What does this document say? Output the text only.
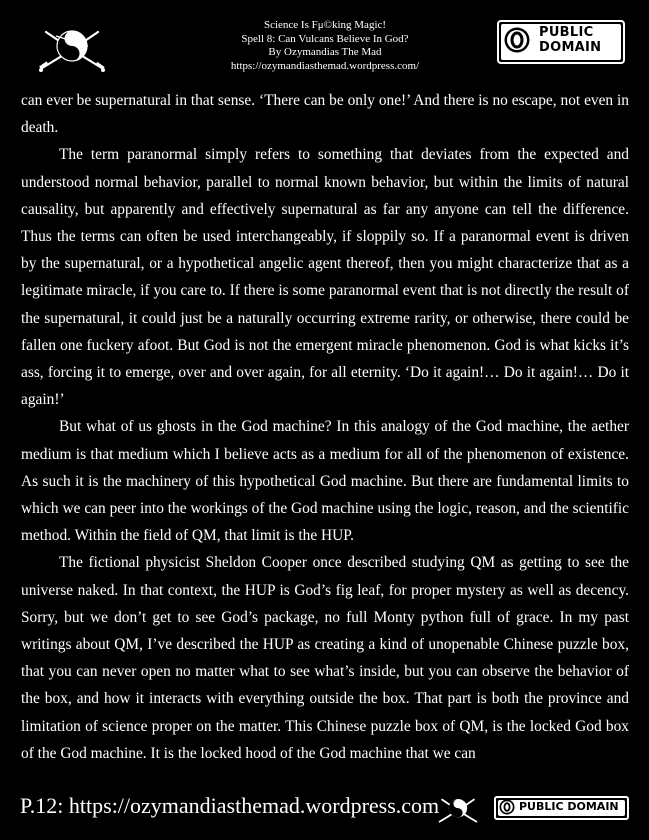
Science Is Fμ©king Magic!
Spell 8: Can Vulcans Believe In God?
By Ozymandias The Mad
https://ozymandiasthemad.wordpress.com/
PUBLIC
DOMAIN

can ever be supernatural in that sense. ‘There can be only one!’ And there is no escape, not even in death.

The term paranormal simply refers to something that deviates from the expected and understood normal behavior, parallel to normal known behavior, but within the limits of natural causality, but apparently and effectively supernatural as far any anyone can tell the difference. Thus the terms can often be used interchangeably, if sloppily so. If a paranormal event is driven by the supernatural, or a hypothetical angelic agent thereof, then you might characterize that as a legitimate miracle, if you care to. If there is some paranormal event that is not directly the result of the supernatural, it could just be a naturally occurring extreme rarity, or otherwise, there could be fallen one fuckery afoot. But God is not the emergent miracle phenomenon. God is what kicks it’s ass, forcing it to emerge, over and over again, for all eternity. ‘Do it again!… Do it again!… Do it again!’

But what of us ghosts in the God machine? In this analogy of the God machine, the aether medium is that medium which I believe acts as a medium for all of the phenomenon of existence. As such it is the machinery of this hypothetical God machine. But there are fundamental limits to which we can peer into the workings of the God machine using the logic, reason, and the scientific method. Within the field of QM, that limit is the HUP.

The fictional physicist Sheldon Cooper once described studying QM as getting to see the universe naked. In that context, the HUP is God’s fig leaf, for proper mystery as well as decency. Sorry, but we don’t get to see God’s package, no full Monty python full of grace. In my past writings about QM, I’ve described the HUP as creating a kind of unopenable Chinese puzzle box, that you can never open no matter what to see what’s inside, but you can observe the behavior of the box, and how it interacts with everything outside the box. That part is both the province and limitation of science proper on the matter. This Chinese puzzle box of QM, is the locked God box of the God machine. It is the locked hood of the God machine that we can

P.12: https://ozymandiasthemad.wordpress.com	PUBLIC DOMAIN
